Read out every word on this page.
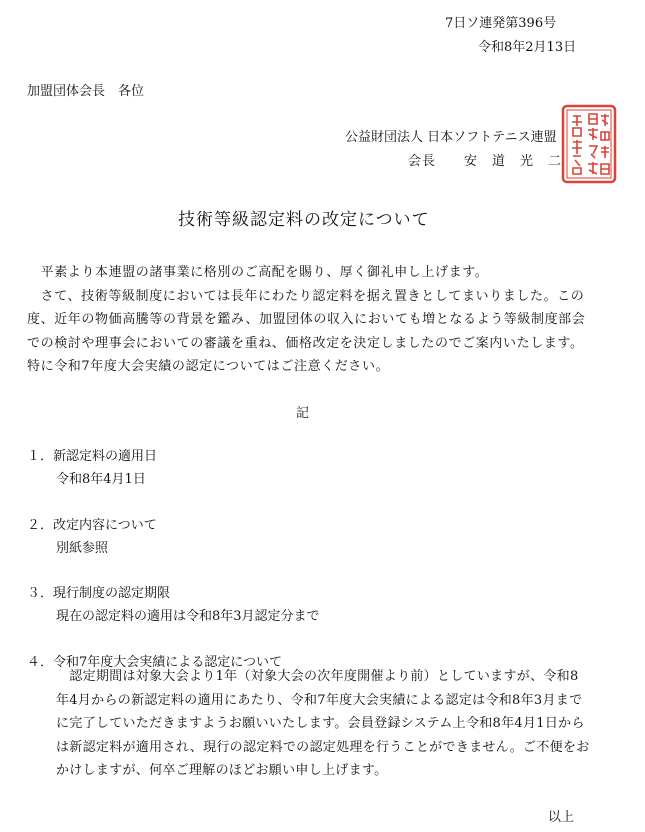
7日ソ連発第396号
令和8年2月13日
加盟団体会長　各位
公益財団法人 日本ソフトテニス連盟
会長　　安　道　光　二
技術等級認定料の改定について

　平素より本連盟の諸事業に格別のご高配を賜り、厚く御礼申し上げます。

　さて、技術等級制度においては長年にわたり認定料を据え置きとしてまいりました。この度、近年の物価高騰等の背景を鑑み、加盟団体の収入においても増となるよう等級制度部会での検討や理事会においての審議を重ね、価格改定を決定しましたのでご案内いたします。特に令和7年度大会実績の認定についてはご注意ください。

記
１．新認定料の適用日
令和8年4月1日
２．改定内容について
別紙参照
３．現行制度の認定期限
現在の認定料の適用は令和8年3月認定分まで
４．令和7年度大会実績による認定について

　認定期間は対象大会より1年（対象大会の次年度開催より前）としていますが、令和8年4月からの新認定料の適用にあたり、令和7年度大会実績による認定は令和8年3月までに完了していただきますようお願いいたします。会員登録システム上令和8年4月1日からは新認定料が適用され、現行の認定料での認定処理を行うことができません。ご不便をおかけしますが、何卒ご理解のほどお願い申し上げます。

以上
